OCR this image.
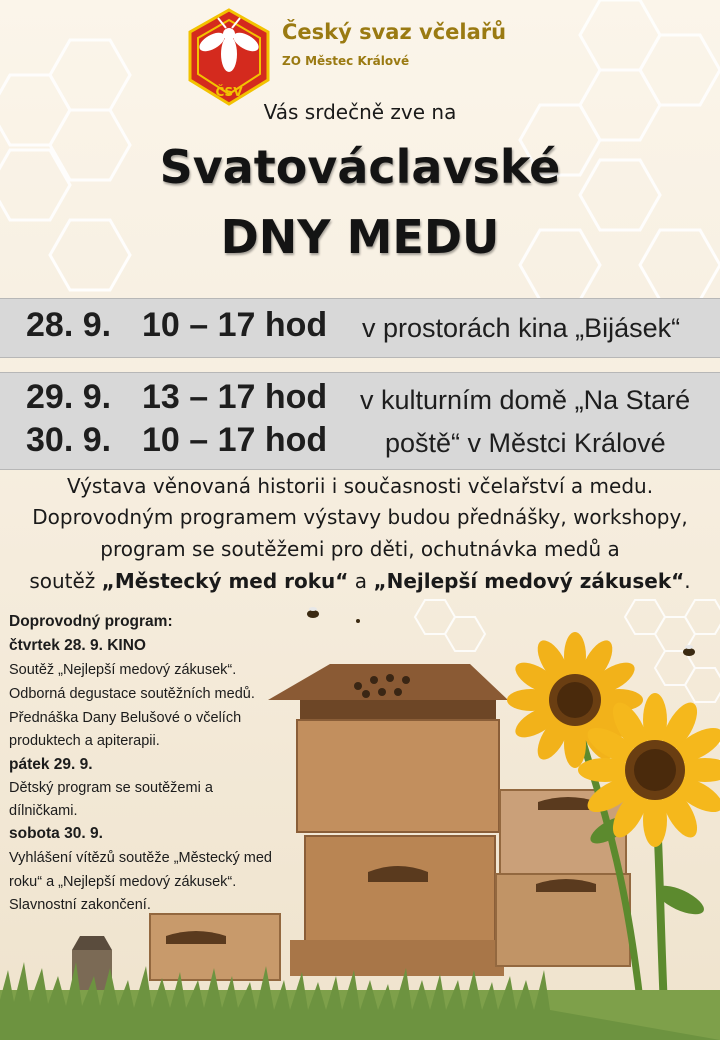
ČSV
Český svaz včelařů
ZO Městec Králové
Vás srdečně zve na
Svatováclavské
DNY MEDU
28. 9. 10 – 17 hod v prostorách kina „Bijásek“
29. 9. 13 – 17 hod v kulturním domě „Na Staré
30. 9. 10 – 17 hod poště“ v Městci Králové
Výstava věnovaná historii i současnosti včelařství a medu.
Doprovodným programem výstavy budou přednášky, workshopy,
program se soutěžemi pro děti, ochutnávka medů a
soutěž „Městecký med roku“ a „Nejlepší medový zákusek“.
Doprovodný program:
čtvrtek 28. 9. KINO
Soutěž „Nejlepší medový zákusek“.
Odborná degustace soutěžních medů.
Přednáška Dany Belušové o včelích
produktech a apiterapii.
pátek 29. 9.
Dětský program se soutěžemi a
dílničkami.
sobota 30. 9.
Vyhlášení vítězů soutěže „Městecký med
roku“ a „Nejlepší medový zákusek“.
Slavnostní zakončení.
